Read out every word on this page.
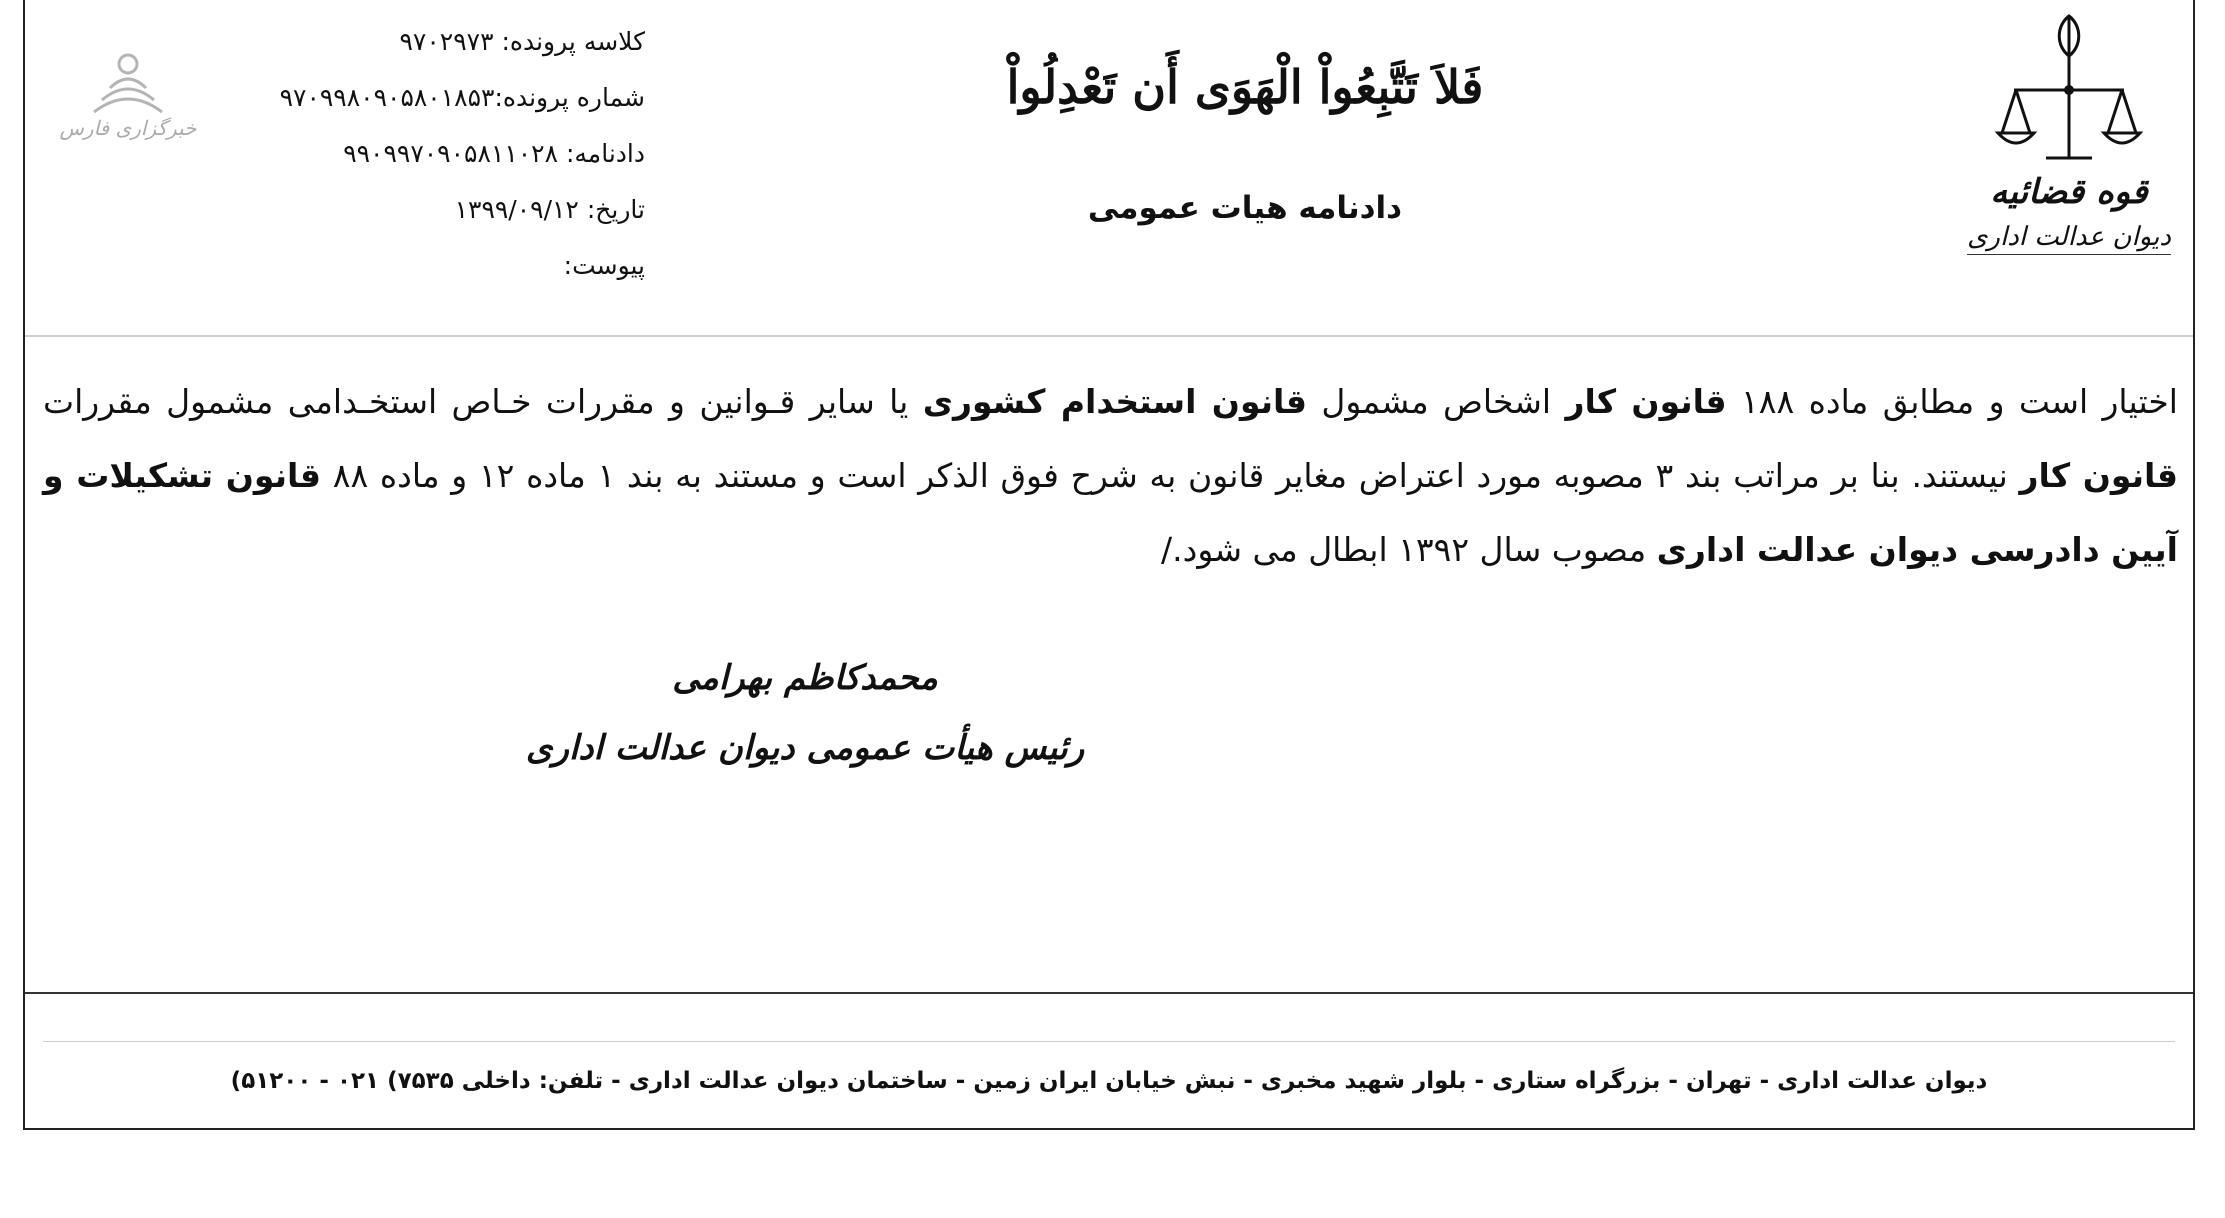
قوه قضائیه
دیوان عدالت اداری
فَلاَ تَتَّبِعُواْ الْهَوَى أَن تَعْدِلُواْ
دادنامه هیات عمومی
کلاسه پرونده: ۹۷۰۲۹۷۳
شماره پرونده:۹۷۰۹۹۸۰۹۰۵۸۰۱۸۵۳
دادنامه: ۹۹۰۹۹۷۰۹۰۵۸۱۱۰۲۸
تاریخ: ۱۳۹۹/۰۹/۱۲
پیوست:
خبرگزاری فارس
اختیار است و مطابق ماده ۱۸۸ قانون کار اشخاص مشمول قانون استخدام کشوری یا سایر قـوانین و مقررات خـاص استخـدامی مشمول مقررات قانون کار نیستند. بنا بر مراتب بند ۳ مصوبه مورد اعتراض مغایر قانون به شرح فوق الذکر است و مستند به بند ۱ ماده ۱۲ و ماده ۸۸ قانون تشکیلات و آیین دادرسی دیوان عدالت اداری مصوب سال ۱۳۹۲ ابطال می شود./
محمدکاظم بهرامی
رئیس هیأت عمومی دیوان عدالت اداری
دیوان عدالت اداری - تهران - بزرگراه ستاری - بلوار شهید مخبری - نبش خیابان ایران زمین - ساختمان دیوان عدالت اداری - تلفن: داخلی ۷۵۳۵) ۰۲۱ - ۵۱۲۰۰)
